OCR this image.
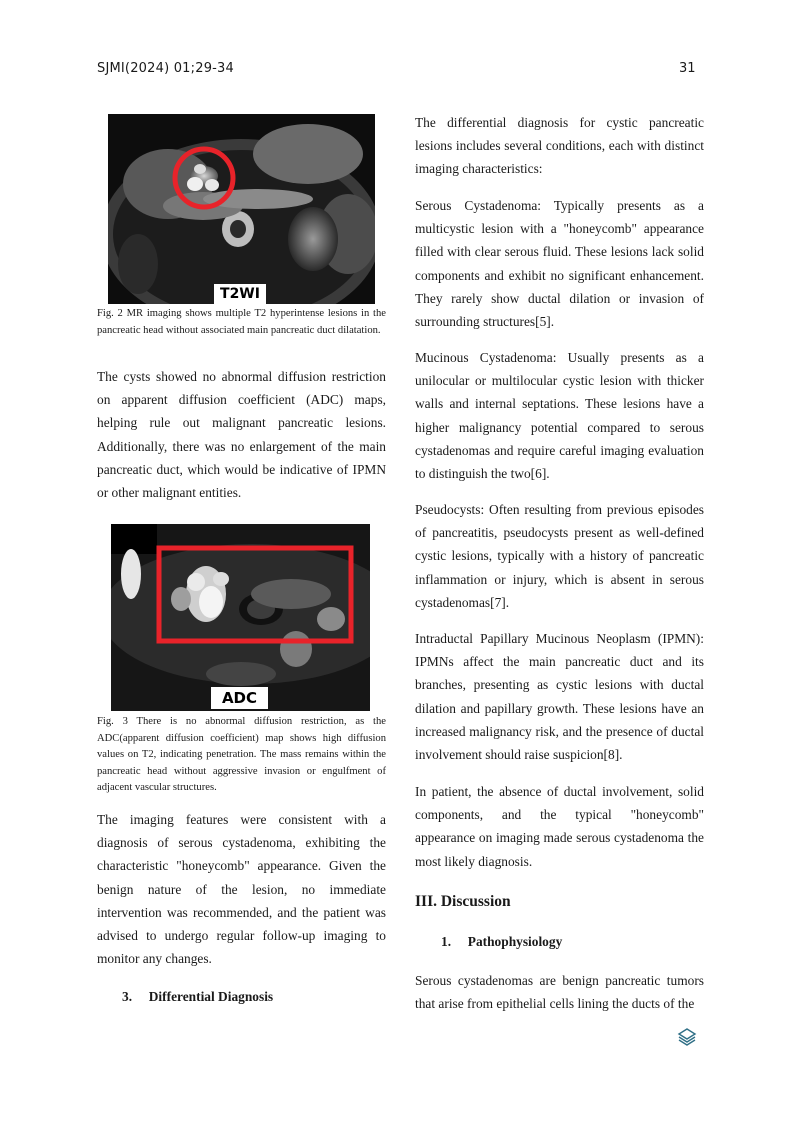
SJMI(2024) 01;29-34	31
T2WI

Fig. 2 MR imaging shows multiple T2 hyperintense lesions in the pancreatic head without associated main pancreatic duct dilatation.

The cysts showed no abnormal diffusion restriction on apparent diffusion coefficient (ADC) maps, helping rule out malignant pancreatic lesions. Additionally, there was no enlargement of the main pancreatic duct, which would be indicative of IPMN or other malignant entities.

ADC

Fig. 3 There is no abnormal diffusion restriction, as the ADC(apparent diffusion coefficient) map shows high diffusion values on T2, indicating penetration. The mass remains within the pancreatic head without aggressive invasion or engulfment of adjacent vascular structures.

The imaging features were consistent with a diagnosis of serous cystadenoma, exhibiting the characteristic "honeycomb" appearance. Given the benign nature of the lesion, no immediate intervention was recommended, and the patient was advised to undergo regular follow-up imaging to monitor any changes.

3. Differential Diagnosis

The differential diagnosis for cystic pancreatic lesions includes several conditions, each with distinct imaging characteristics:

Serous Cystadenoma: Typically presents as a multicystic lesion with a "honeycomb" appearance filled with clear serous fluid. These lesions lack solid components and exhibit no significant enhancement. They rarely show ductal dilation or invasion of surrounding structures[5].

Mucinous Cystadenoma: Usually presents as a unilocular or multilocular cystic lesion with thicker walls and internal septations. These lesions have a higher malignancy potential compared to serous cystadenomas and require careful imaging evaluation to distinguish the two[6].

Pseudocysts: Often resulting from previous episodes of pancreatitis, pseudocysts present as well-defined cystic lesions, typically with a history of pancreatic inflammation or injury, which is absent in serous cystadenomas[7].

Intraductal Papillary Mucinous Neoplasm (IPMN): IPMNs affect the main pancreatic duct and its branches, presenting as cystic lesions with ductal dilation and papillary growth. These lesions have an increased malignancy risk, and the presence of ductal involvement should raise suspicion[8].

In patient, the absence of ductal involvement, solid components, and the typical "honeycomb" appearance on imaging made serous cystadenoma the most likely diagnosis.

III. Discussion

1. Pathophysiology

Serous cystadenomas are benign pancreatic tumors that arise from epithelial cells lining the ducts of the
